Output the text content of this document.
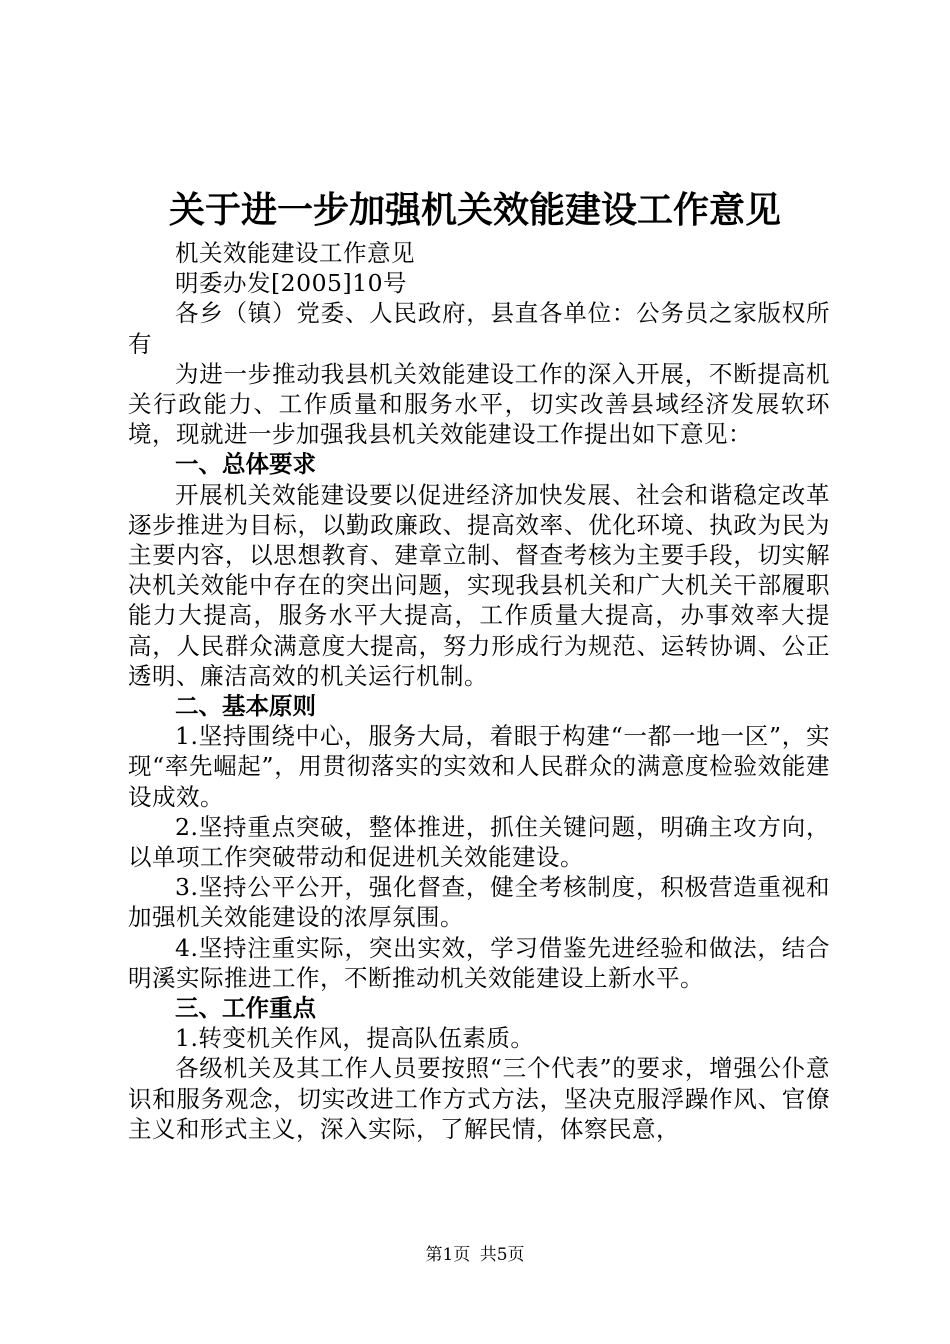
关于进一步加强机关效能建设工作意见

机关效能建设工作意见

明委办发[2005]10号

各乡（镇）党委、人民政府，县直各单位：公务员之家版权所有

为进一步推动我县机关效能建设工作的深入开展，不断提高机关行政能力、工作质量和服务水平，切实改善县域经济发展软环境，现就进一步加强我县机关效能建设工作提出如下意见：

一、总体要求

开展机关效能建设要以促进经济加快发展、社会和谐稳定改革逐步推进为目标，以勤政廉政、提高效率、优化环境、执政为民为主要内容，以思想教育、建章立制、督查考核为主要手段，切实解决机关效能中存在的突出问题，实现我县机关和广大机关干部履职能力大提高，服务水平大提高，工作质量大提高，办事效率大提高，人民群众满意度大提高，努力形成行为规范、运转协调、公正透明、廉洁高效的机关运行机制。

二、基本原则

1.坚持围绕中心，服务大局，着眼于构建“一都一地一区”，实现“率先崛起”，用贯彻落实的实效和人民群众的满意度检验效能建设成效。

2.坚持重点突破，整体推进，抓住关键问题，明确主攻方向，以单项工作突破带动和促进机关效能建设。

3.坚持公平公开，强化督查，健全考核制度，积极营造重视和加强机关效能建设的浓厚氛围。

4.坚持注重实际，突出实效，学习借鉴先进经验和做法，结合明溪实际推进工作，不断推动机关效能建设上新水平。

三、工作重点

1.转变机关作风，提高队伍素质。

各级机关及其工作人员要按照“三个代表”的要求，增强公仆意识和服务观念，切实改进工作方式方法，坚决克服浮躁作风、官僚主义和形式主义，深入实际，了解民情，体察民意，

第1页 共5页
